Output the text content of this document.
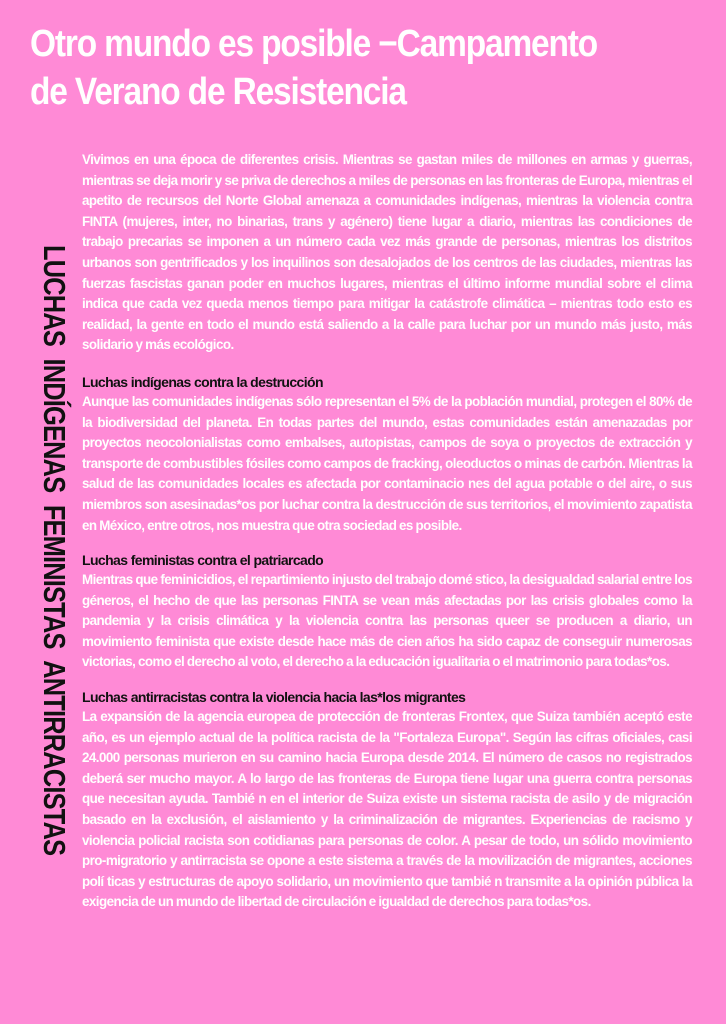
Otro mundo es posible −Campamento de Verano de Resistencia

LUCHAS  INDÍGENAS  FEMINISTAS  ANTIRRACISTAS

Vivimos en una época de diferentes crisis. Mientras se gastan miles de millones en armas y guerras, mientras se deja morir y se priva de derechos a miles de personas en las fronteras de Europa, mientras el apetito de recursos del Norte Global amenaza a comunidades indígenas, mientras la violencia contra FINTA (mujeres, inter, no binarias, trans y agénero) tiene lugar a diario, mientras las condiciones de trabajo precarias se imponen a un número cada vez más grande de personas, mientras los distritos urbanos son gentrificados y los inquilinos son desalojados de los centros de las ciudades, mientras las fuerzas fascistas ganan poder en muchos lugares, mientras el último informe mundial sobre el clima indica que cada vez queda menos tiempo para mitigar la catástrofe climática – mientras todo esto es realidad, la gente en todo el mundo está saliendo a la calle para luchar por un mundo más justo, más solidario y más ecológico.

Luchas indígenas contra la destrucción

Aunque las comunidades indígenas sólo representan el 5% de la población mundial, protegen el 80% de la biodiversidad del planeta. En todas partes del mundo, estas comunidades están amenazadas por proyectos neocolonialistas como embalses, autopistas, campos de soya o proyectos de extracción y transporte de combustibles fósiles como campos de fracking, oleoductos o minas de carbón. Mientras la salud de las comunidades locales es afectada por contaminacio nes del agua potable o del aire, o sus miembros son asesinadas*os por luchar contra la destrucción de sus territorios, el movimiento zapatista en México, entre otros, nos muestra que otra sociedad es posible.

Luchas feministas contra el patriarcado

Mientras que feminicidios, el repartimiento injusto del trabajo domé stico, la desigualdad salarial entre los géneros, el hecho de que las personas FINTA se vean más afectadas por las crisis globales como la pandemia y la crisis climática y la violencia contra las personas queer se producen a diario, un movimiento feminista que existe desde hace más de cien años ha sido capaz de conseguir numerosas victorias, como el derecho al voto, el derecho a la educación igualitaria o el matrimonio para todas*os.

Luchas antirracistas contra la violencia hacia las*los migrantes

La expansión de la agencia europea de protección de fronteras Frontex, que Suiza también aceptó este año, es un ejemplo actual de la política racista de la "Fortaleza Europa". Según las cifras oficiales, casi 24.000 personas murieron en su camino hacia Europa desde 2014. El número de casos no registrados deberá ser mucho mayor. A lo largo de las fronteras de Europa tiene lugar una guerra contra personas que necesitan ayuda. Tambié n en el interior de Suiza existe un sistema racista de asilo y de migración basado en la exclusión, el aislamiento y la criminalización de migrantes. Experiencias de racismo y violencia policial racista son cotidianas para personas de color. A pesar de todo, un sólido movimiento pro-migratorio y antirracista se opone a este sistema a través de la movilización de migrantes, acciones polí ticas y estructuras de apoyo solidario, un movimiento que tambié n transmite a la opinión pública la exigencia de un mundo de libertad de circulación e igualdad de derechos para todas*os.
